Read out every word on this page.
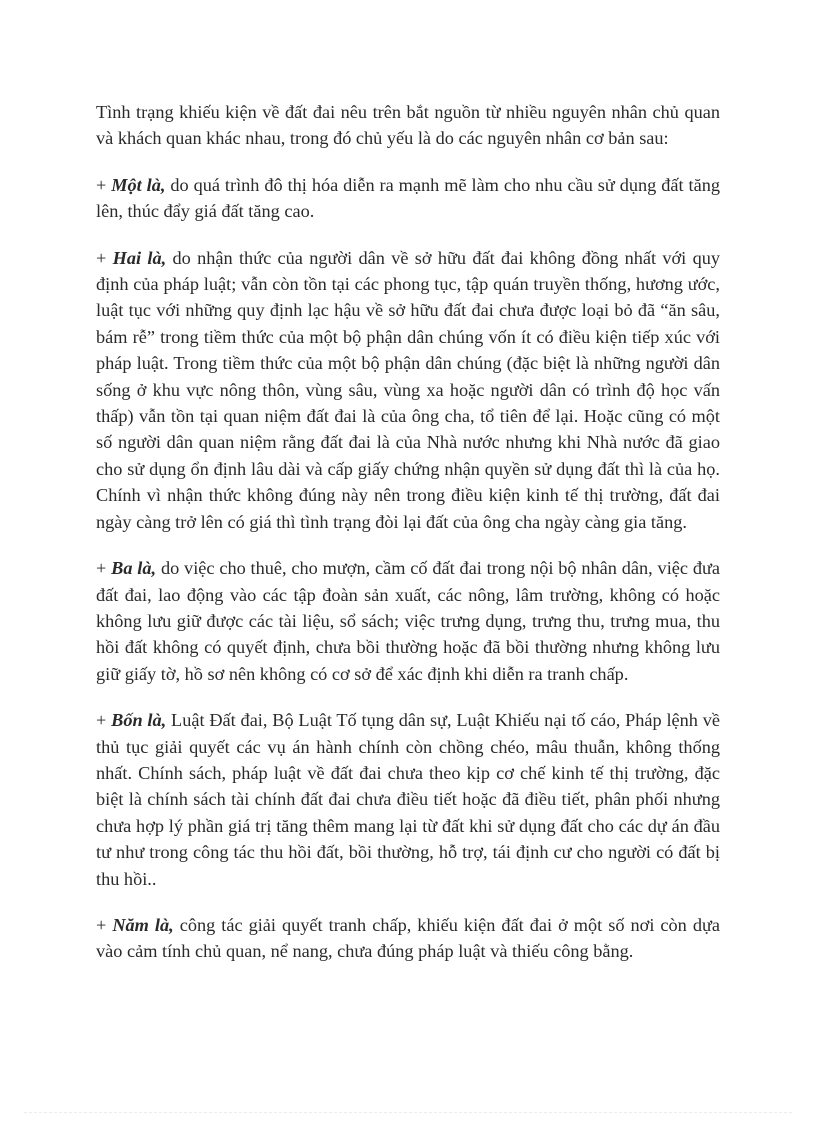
Tình trạng khiếu kiện về đất đai nêu trên bắt nguồn từ nhiều nguyên nhân chủ quan và khách quan khác nhau, trong đó chủ yếu là do các nguyên nhân cơ bản sau:

+ Một là, do quá trình đô thị hóa diễn ra mạnh mẽ làm cho nhu cầu sử dụng đất tăng lên, thúc đẩy giá đất tăng cao.

+ Hai là, do nhận thức của người dân về sở hữu đất đai không đồng nhất với quy định của pháp luật; vẫn còn tồn tại các phong tục, tập quán truyền thống, hương ước, luật tục với những quy định lạc hậu về sở hữu đất đai chưa được loại bỏ đã “ăn sâu, bám rễ” trong tiềm thức của một bộ phận dân chúng vốn ít có điều kiện tiếp xúc với pháp luật. Trong tiềm thức của một bộ phận dân chúng (đặc biệt là những người dân sống ở khu vực nông thôn, vùng sâu, vùng xa hoặc người dân có trình độ học vấn thấp) vẫn tồn tại quan niệm đất đai là của ông cha, tổ tiên để lại. Hoặc cũng có một số người dân quan niệm rằng đất đai là của Nhà nước nhưng khi Nhà nước đã giao cho sử dụng ổn định lâu dài và cấp giấy chứng nhận quyền sử dụng đất thì là của họ. Chính vì nhận thức không đúng này nên trong điều kiện kinh tế thị trường, đất đai ngày càng trở lên có giá thì tình trạng đòi lại đất của ông cha ngày càng gia tăng.

+ Ba là, do việc cho thuê, cho mượn, cầm cố đất đai trong nội bộ nhân dân, việc đưa đất đai, lao động vào các tập đoàn sản xuất, các nông, lâm trường, không có hoặc không lưu giữ được các tài liệu, sổ sách; việc trưng dụng, trưng thu, trưng mua, thu hồi đất không có quyết định, chưa bồi thường hoặc đã bồi thường nhưng không lưu giữ giấy tờ, hồ sơ nên không có cơ sở để xác định khi diễn ra tranh chấp.

+ Bốn là, Luật Đất đai, Bộ Luật Tố tụng dân sự, Luật Khiếu nại tố cáo, Pháp lệnh về thủ tục giải quyết các vụ án hành chính còn chồng chéo, mâu thuẫn, không thống nhất. Chính sách, pháp luật về đất đai chưa theo kịp cơ chế kinh tế thị trường, đặc biệt là chính sách tài chính đất đai chưa điều tiết hoặc đã điều tiết, phân phối nhưng chưa hợp lý phần giá trị tăng thêm mang lại từ đất khi sử dụng đất cho các dự án đầu tư như trong công tác thu hồi đất, bồi thường, hỗ trợ, tái định cư cho người có đất bị thu hồi..

+ Năm là, công tác giải quyết tranh chấp, khiếu kiện đất đai ở một số nơi còn dựa vào cảm tính chủ quan, nể nang, chưa đúng pháp luật và thiếu công bằng.
